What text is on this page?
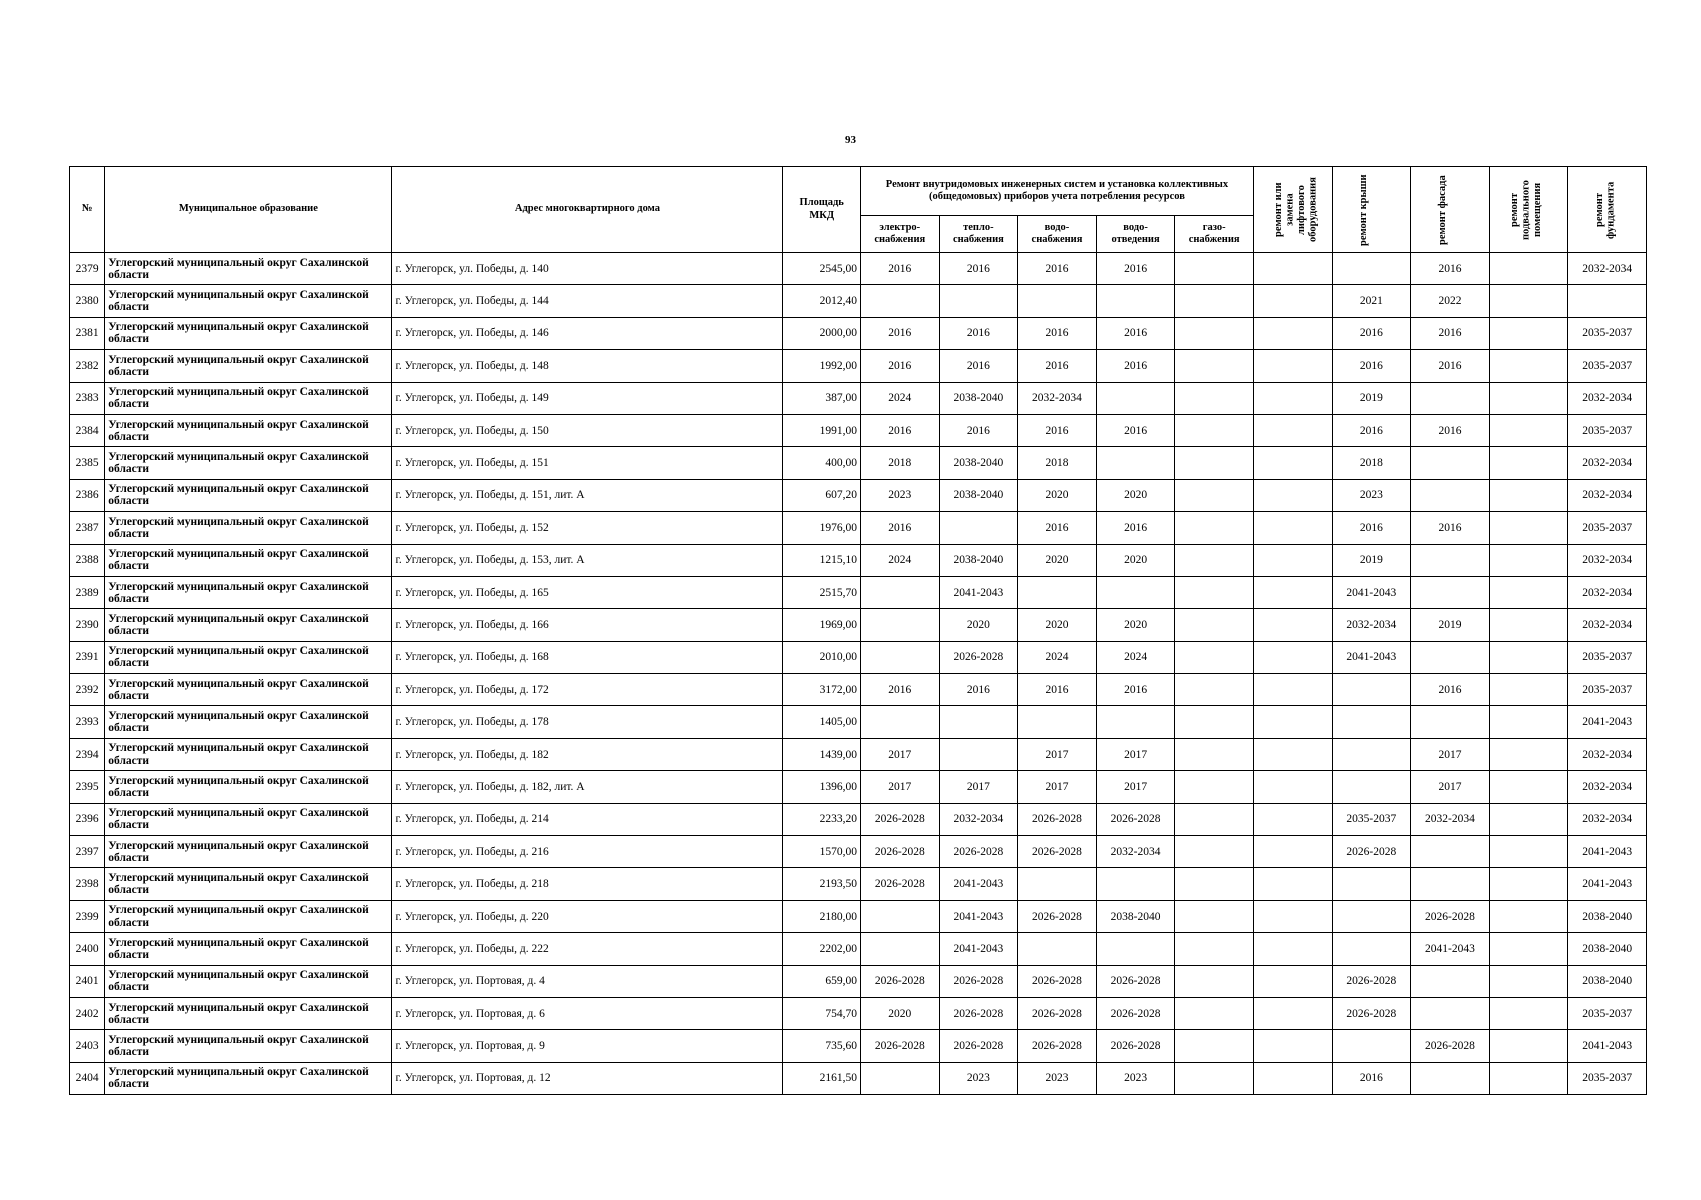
93
№	Муниципальное образование	Адрес многоквартирного дома	Площадь МКД	Ремонт внутридомовых инженерных систем и установка коллективных (общедомовых) приборов учета потребления ресурсов					ремонт или замена лифтового оборудования	ремонт крыши	ремонт фасада	ремонт подвального помещения	ремонт фундамента

				электро-снабжения	тепло-снабжения	водо-снабжения	водо-отведения	газо-снабжения					
2379	Углегорский муниципальный округ Сахалинской области	г. Углегорск, ул. Победы, д. 140	2545,00	2016	2016	2016	2016				2016		2032-2034
2380	Углегорский муниципальный округ Сахалинской области	г. Углегорск, ул. Победы, д. 144	2012,40							2021	2022		
2381	Углегорский муниципальный округ Сахалинской области	г. Углегорск, ул. Победы, д. 146	2000,00	2016	2016	2016	2016			2016	2016		2035-2037
2382	Углегорский муниципальный округ Сахалинской области	г. Углегорск, ул. Победы, д. 148	1992,00	2016	2016	2016	2016			2016	2016		2035-2037
2383	Углегорский муниципальный округ Сахалинской области	г. Углегорск, ул. Победы, д. 149	387,00	2024	2038-2040	2032-2034				2019			2032-2034
2384	Углегорский муниципальный округ Сахалинской области	г. Углегорск, ул. Победы, д. 150	1991,00	2016	2016	2016	2016			2016	2016		2035-2037
2385	Углегорский муниципальный округ Сахалинской области	г. Углегорск, ул. Победы, д. 151	400,00	2018	2038-2040	2018				2018			2032-2034
2386	Углегорский муниципальный округ Сахалинской области	г. Углегорск, ул. Победы, д. 151, лит. А	607,20	2023	2038-2040	2020	2020			2023			2032-2034
2387	Углегорский муниципальный округ Сахалинской области	г. Углегорск, ул. Победы, д. 152	1976,00	2016		2016	2016			2016	2016		2035-2037
2388	Углегорский муниципальный округ Сахалинской области	г. Углегорск, ул. Победы, д. 153, лит. А	1215,10	2024	2038-2040	2020	2020			2019			2032-2034
2389	Углегорский муниципальный округ Сахалинской области	г. Углегорск, ул. Победы, д. 165	2515,70		2041-2043					2041-2043			2032-2034
2390	Углегорский муниципальный округ Сахалинской области	г. Углегорск, ул. Победы, д. 166	1969,00		2020	2020	2020			2032-2034	2019		2032-2034
2391	Углегорский муниципальный округ Сахалинской области	г. Углегорск, ул. Победы, д. 168	2010,00		2026-2028	2024	2024			2041-2043			2035-2037
2392	Углегорский муниципальный округ Сахалинской области	г. Углегорск, ул. Победы, д. 172	3172,00	2016	2016	2016	2016				2016		2035-2037
2393	Углегорский муниципальный округ Сахалинской области	г. Углегорск, ул. Победы, д. 178	1405,00										2041-2043
2394	Углегорский муниципальный округ Сахалинской области	г. Углегорск, ул. Победы, д. 182	1439,00	2017		2017	2017				2017		2032-2034
2395	Углегорский муниципальный округ Сахалинской области	г. Углегорск, ул. Победы, д. 182, лит. А	1396,00	2017	2017	2017	2017				2017		2032-2034
2396	Углегорский муниципальный округ Сахалинской области	г. Углегорск, ул. Победы, д. 214	2233,20	2026-2028	2032-2034	2026-2028	2026-2028			2035-2037	2032-2034		2032-2034
2397	Углегорский муниципальный округ Сахалинской области	г. Углегорск, ул. Победы, д. 216	1570,00	2026-2028	2026-2028	2026-2028	2032-2034			2026-2028			2041-2043
2398	Углегорский муниципальный округ Сахалинской области	г. Углегорск, ул. Победы, д. 218	2193,50	2026-2028	2041-2043								2041-2043
2399	Углегорский муниципальный округ Сахалинской области	г. Углегорск, ул. Победы, д. 220	2180,00		2041-2043	2026-2028	2038-2040				2026-2028		2038-2040
2400	Углегорский муниципальный округ Сахалинской области	г. Углегорск, ул. Победы, д. 222	2202,00		2041-2043						2041-2043		2038-2040
2401	Углегорский муниципальный округ Сахалинской области	г. Углегорск, ул. Портовая, д. 4	659,00	2026-2028	2026-2028	2026-2028	2026-2028			2026-2028			2038-2040
2402	Углегорский муниципальный округ Сахалинской области	г. Углегорск, ул. Портовая, д. 6	754,70	2020	2026-2028	2026-2028	2026-2028			2026-2028			2035-2037
2403	Углегорский муниципальный округ Сахалинской области	г. Углегорск, ул. Портовая, д. 9	735,60	2026-2028	2026-2028	2026-2028	2026-2028				2026-2028		2041-2043
2404	Углегорский муниципальный округ Сахалинской области	г. Углегорск, ул. Портовая, д. 12	2161,50		2023	2023	2023			2016			2035-2037
